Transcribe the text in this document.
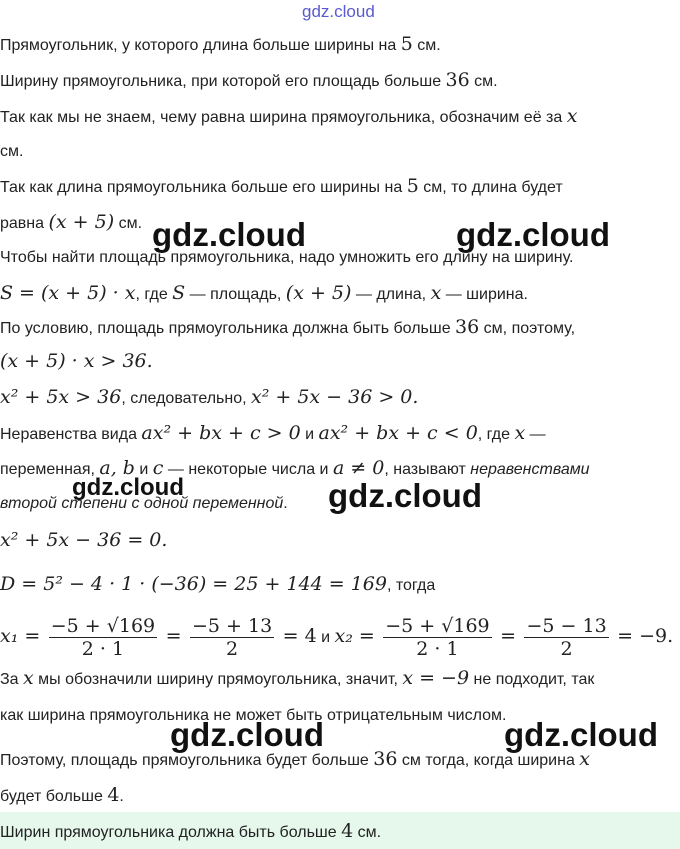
gdz.cloud
Прямоугольник, у которого длина больше ширины на 5 см.
Ширину прямоугольника, при которой его площадь больше 36 см.
Так как мы не знаем, чему равна ширина прямоугольника, обозначим её за x
см.
Так как длина прямоугольника больше его ширины на 5 см, то длина будет
равна (x + 5) см.
Чтобы найти площадь прямоугольника, надо умножить его длину на ширину.
S = (x + 5) · x, где S — площадь, (x + 5) — длина, x — ширина.
По условию, площадь прямоугольника должна быть больше 36 см, поэтому,
(x + 5) · x > 36.
x² + 5x > 36, следовательно, x² + 5x − 36 > 0.
Неравенства вида ax² + bx + c > 0 и ax² + bx + c < 0, где x —
переменная, a, b и c — некоторые числа и a ≠ 0, называют неравенствами
второй степени с одной переменной.
x² + 5x − 36 = 0.
D = 5² − 4 · 1 · (−36) = 25 + 144 = 169, тогда
$x_1 = \frac{-5 + √169}{2 \cdot 1} = \frac{-5 + 13}{2} = 4$ и $x_2 = \frac{-5 + √169}{2 \cdot 1} = \frac{-5 - 13}{2} = -9$.
За x мы обозначили ширину прямоугольника, значит, x = −9 не подходит, так
как ширина прямоугольника не может быть отрицательным числом.
Поэтому, площадь прямоугольника будет больше 36 см тогда, когда ширина x
будет больше 4.
Ширин прямоугольника должна быть больше 4 см.
gdz.cloud	gdz.cloud
gdz.cloud	gdz.cloud
gdz.cloud	gdz.cloud
